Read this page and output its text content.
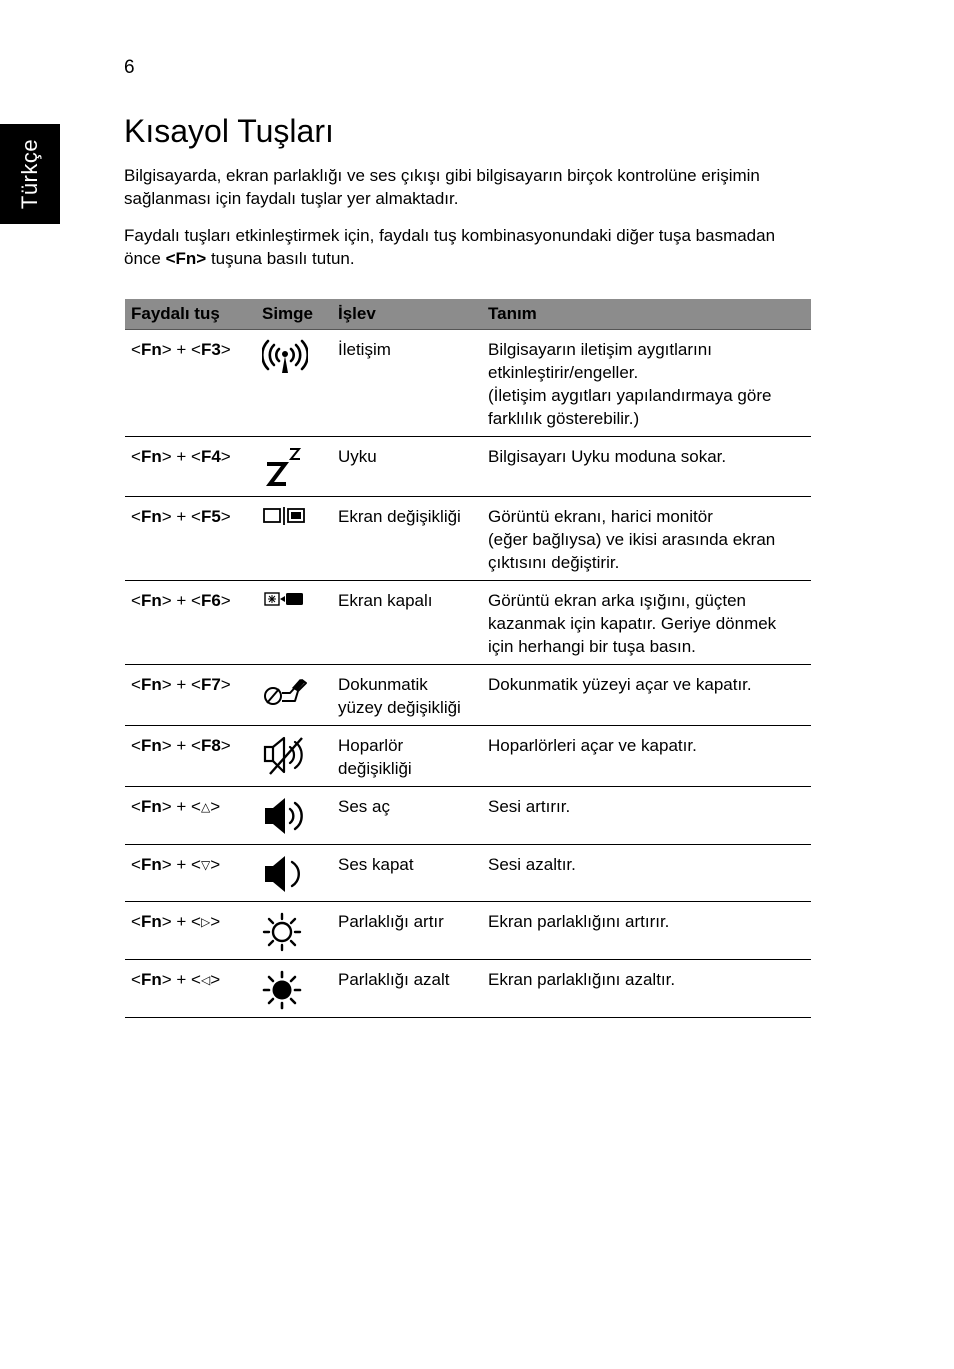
6
Türkçe
Kısayol Tuşları

Bilgisayarda, ekran parlaklığı ve ses çıkışı gibi bilgisayarın birçok kontrolüne erişimin sağlanması için faydalı tuşlar yer almaktadır.

Faydalı tuşları etkinleştirmek için, faydalı tuş kombinasyonundaki diğer tuşa basmadan önce <Fn> tuşuna basılı tutun.

Faydalı tuş	Simge	İşlev	Tanım
<Fn> + <F3>		İletişim	Bilgisayarın iletişim aygıtlarını
etkinleştirir/engeller.
(İletişim aygıtları yapılandırmaya göre
farklılık gösterebilir.)
<Fn> + <F4>		Uyku	Bilgisayarı Uyku moduna sokar.
<Fn> + <F5>		Ekran değişikliği	Görüntü ekranı, harici monitör
(eğer bağlıysa) ve ikisi arasında ekran
çıktısını değiştirir.
<Fn> + <F6>		Ekran kapalı	Görüntü ekran arka ışığını, güçten
kazanmak için kapatır. Geriye dönmek
için herhangi bir tuşa basın.
<Fn> + <F7>		Dokunmatik
yüzey değişikliği	Dokunmatik yüzeyi açar ve kapatır.
<Fn> + <F8>		Hoparlör
değişikliği	Hoparlörleri açar ve kapatır.
<Fn> + <△>		Ses aç	Sesi artırır.
<Fn> + <▽>		Ses kapat	Sesi azaltır.
<Fn> + <▷>		Parlaklığı artır	Ekran parlaklığını artırır.
<Fn> + <◁>		Parlaklığı azalt	Ekran parlaklığını azaltır.
